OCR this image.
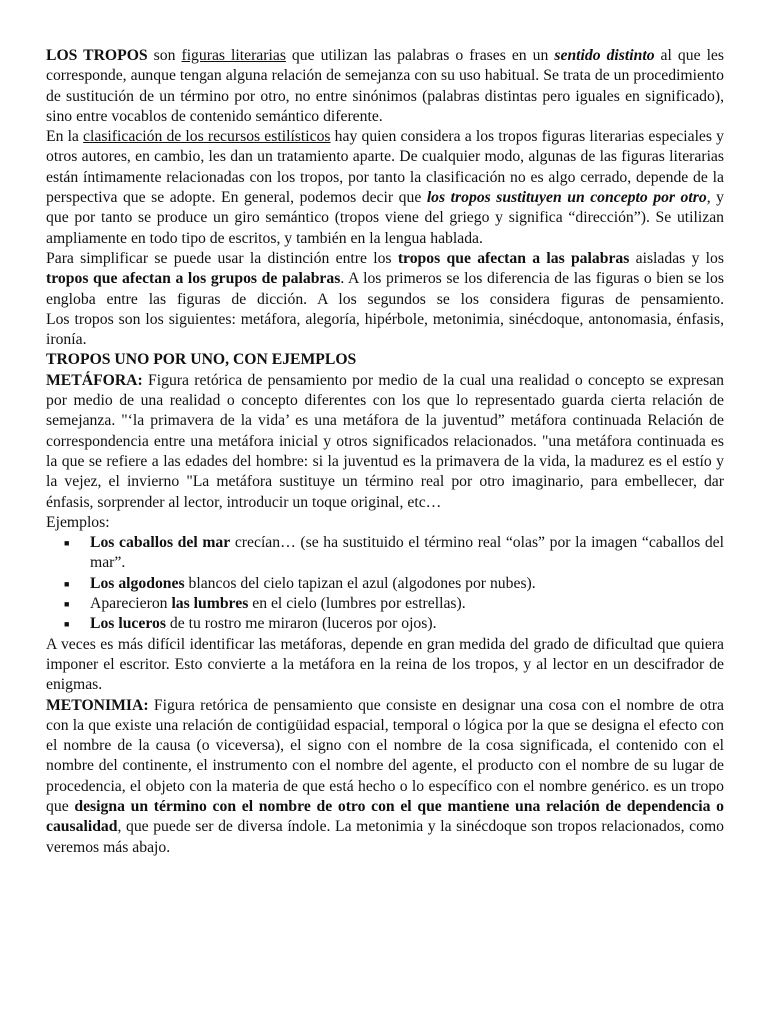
LOS TROPOS son figuras literarias que utilizan las palabras o frases en un sentido distinto al que les corresponde, aunque tengan alguna relación de semejanza con su uso habitual. Se trata de un procedimiento de sustitución de un término por otro, no entre sinónimos (palabras distintas pero iguales en significado), sino entre vocablos de contenido semántico diferente.

En la clasificación de los recursos estilísticos hay quien considera a los tropos figuras literarias especiales y otros autores, en cambio, les dan un tratamiento aparte. De cualquier modo, algunas de las figuras literarias están íntimamente relacionadas con los tropos, por tanto la clasificación no es algo cerrado, depende de la perspectiva que se adopte. En general, podemos decir que los tropos sustituyen un concepto por otro, y que por tanto se produce un giro semántico (tropos viene del griego y significa “dirección”). Se utilizan ampliamente en todo tipo de escritos, y también en la lengua hablada.

Para simplificar se puede usar la distinción entre los tropos que afectan a las palabras aisladas y los tropos que afectan a los grupos de palabras. A los primeros se los diferencia de las figuras o bien se los engloba entre las figuras de dicción. A los segundos se los considera figuras de pensamiento.

Los tropos son los siguientes: metáfora, alegoría, hipérbole, metonimia, sinécdoque, antonomasia, énfasis, ironía.

TROPOS UNO POR UNO, CON EJEMPLOS

METÁFORA: Figura retórica de pensamiento por medio de la cual una realidad o concepto se expresan por medio de una realidad o concepto diferentes con los que lo representado guarda cierta relación de semejanza. "‘la primavera de la vida’ es una metáfora de la juventud” metáfora continuada Relación de correspondencia entre una metáfora inicial y otros significados relacionados. "una metáfora continuada es la que se refiere a las edades del hombre: si la juventud es la primavera de la vida, la madurez es el estío y la vejez, el invierno "La metáfora sustituye un término real por otro imaginario, para embellecer, dar énfasis, sorprender al lector, introducir un toque original, etc…

Ejemplos:

■ Los caballos del mar crecían… (se ha sustituido el término real “olas” por la imagen “caballos del mar”.
■ Los algodones blancos del cielo tapizan el azul (algodones por nubes).
■ Aparecieron las lumbres en el cielo (lumbres por estrellas).
■ Los luceros de tu rostro me miraron (luceros por ojos).

A veces es más difícil identificar las metáforas, depende en gran medida del grado de dificultad que quiera imponer el escritor. Esto convierte a la metáfora en la reina de los tropos, y al lector en un descifrador de enigmas.

METONIMIA: Figura retórica de pensamiento que consiste en designar una cosa con el nombre de otra con la que existe una relación de contigüidad espacial, temporal o lógica por la que se designa el efecto con el nombre de la causa (o viceversa), el signo con el nombre de la cosa significada, el contenido con el nombre del continente, el instrumento con el nombre del agente, el producto con el nombre de su lugar de procedencia, el objeto con la materia de que está hecho o lo específico con el nombre genérico. es un tropo que designa un término con el nombre de otro con el que mantiene una relación de dependencia o causalidad, que puede ser de diversa índole. La metonimia y la sinécdoque son tropos relacionados, como veremos más abajo.
